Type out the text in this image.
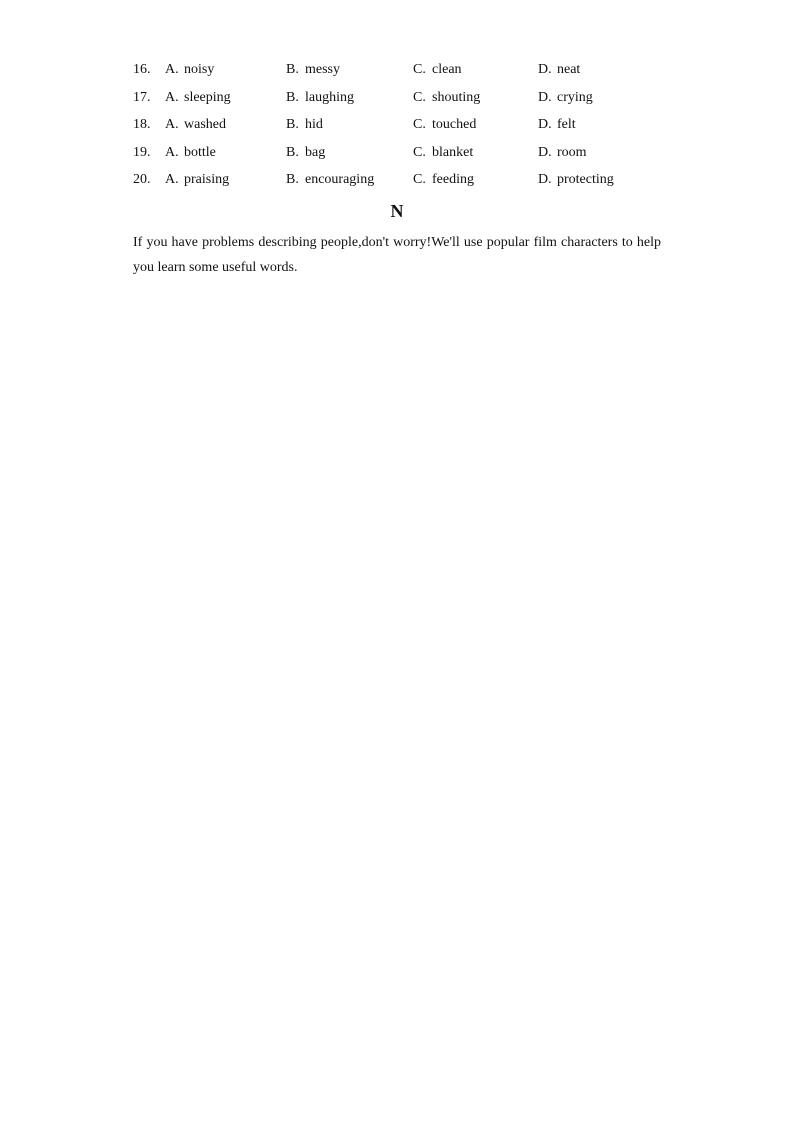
16. A. noisy	B. messy	C. clean	D. neat
17. A. sleeping	B. laughing	C. shouting	D. crying
18. A. washed	B. hid	C. touched	D. felt
19. A. bottle	B. bag	C. blanket	D. room
20. A. praising	B. encouraging	C. feeding	D. protecting
N
If you have problems describing people,don't worry!We'll use popular film characters to help you learn some useful words.
